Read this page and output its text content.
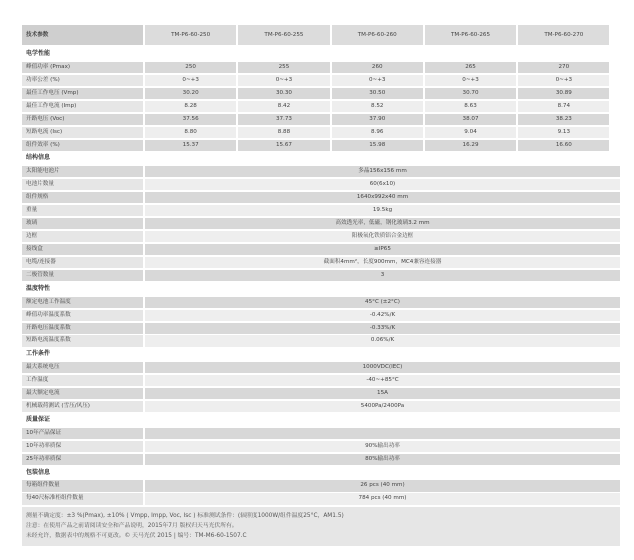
技术参数	TM-P6-60-250	TM-P6-60-255	TM-P6-60-260	TM-P6-60-265	TM-P6-60-270
电学性能
峰值功率 (Pmax)	250	255	260	265	270
功率公差 (%)	0~+3	0~+3	0~+3	0~+3	0~+3
最佳工作电压 (Vmp)	30.20	30.30	30.50	30.70	30.89
最佳工作电流 (Imp)	8.28	8.42	8.52	8.63	8.74
开路电压 (Voc)	37.56	37.73	37.90	38.07	38.23
短路电流 (Isc)	8.80	8.88	8.96	9.04	9.13
组件效率 (%)	15.37	15.67	15.98	16.29	16.60
结构信息
太阳能电池片	多晶156x156 mm
电池片数量	60(6x10)
组件规格	1640x992x40 mm
重量	19.5kg
玻璃	高效透光率，低磁，钢化玻璃3.2 mm
边框	阳极氧化铁质铝合金边框
接线盒	≥IP65
电缆/连接器	截面积4mm²，长度900mm，MC4兼容连接器
二极管数量	3
温度特性
额定电池工作温度	45°C (±2°C)
峰值功率温度系数	-0.42%/K
开路电压温度系数	-0.33%/K
短路电流温度系数	0.06%/K
工作条件
最大系统电压	1000VDC(IEC)
工作温度	-40~+85°C
最大额定电流	15A
机械载荷测试 (雪压/风压)	5400Pa/2400Pa
质量保证
10年产品保证
10年功率质保	90%输出功率
25年功率质保	80%输出功率
包装信息
每箱组件数量	26 pcs (40 mm)
每40尺标准柜组件数量	784 pcs (40 mm)
测量不确定度：±3 %(Pmax), ±10% ( Vmpp, Impp, Voc, Isc ) 标准测试条件：(辐照度1000W/组件温度25°C，AM1.5)
注意：在使用产品之前请阅读安全和产品说明，2015年7月 版权归天马光伏所有。
未经允许，数据表中的规格不可更改。© 天马光伏 2015 | 编号：TM-M6-60-1507.C
